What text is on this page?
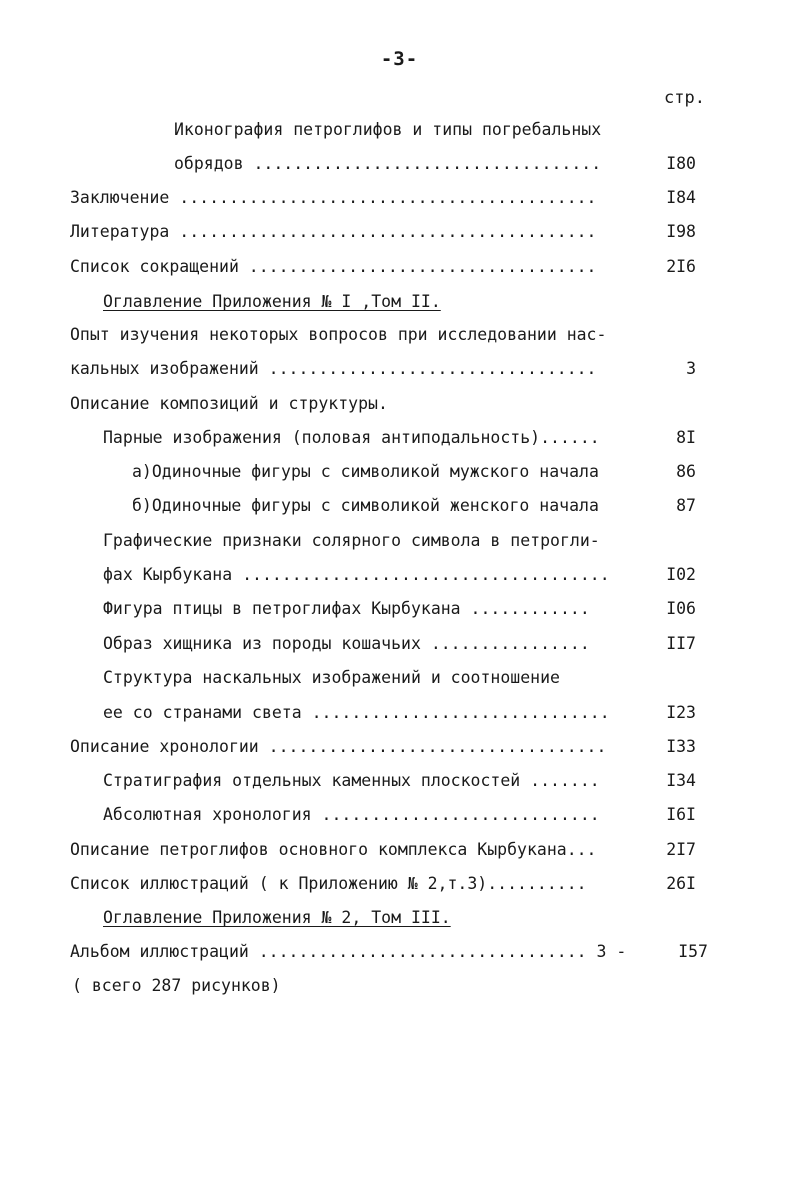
-3-
стр.
Иконография петроглифов и типы погребальных
обрядов ...................................	I80
Заключение ..........................................	I84
Литература ..........................................	I98
Список сокращений ...................................	2I6
Оглавление Приложения № I ,Том II.
Опыт изучения некоторых вопросов при исследовании нас-
кальных изображений .................................	3
Описание композиций и структуры.
Парные изображения (половая антиподальность)......	8I
а)Одиночные фигуры с символикой мужского начала	86
б)Одиночные фигуры с символикой женского начала	87
Графические признаки солярного символа в петрогли-
фах Кырбукана .....................................	I02
Фигура птицы в петроглифах Кырбукана ............	I06
Образ хищника из породы кошачьих ................	II7
Структура наскальных изображений и соотношение
ее со странами света ..............................	I23
Описание хронологии ..................................	I33
Стратиграфия отдельных каменных плоскостей .......	I34
Абсолютная хронология ............................	I6I
Описание петроглифов основного комплекса Кырбукана...	2I7
Список иллюстраций ( к Приложению № 2,т.3)..........	26I
Оглавление Приложения № 2, Том III.
Альбом иллюстраций ................................. 3 -	I57
( всего 287 рисунков)
